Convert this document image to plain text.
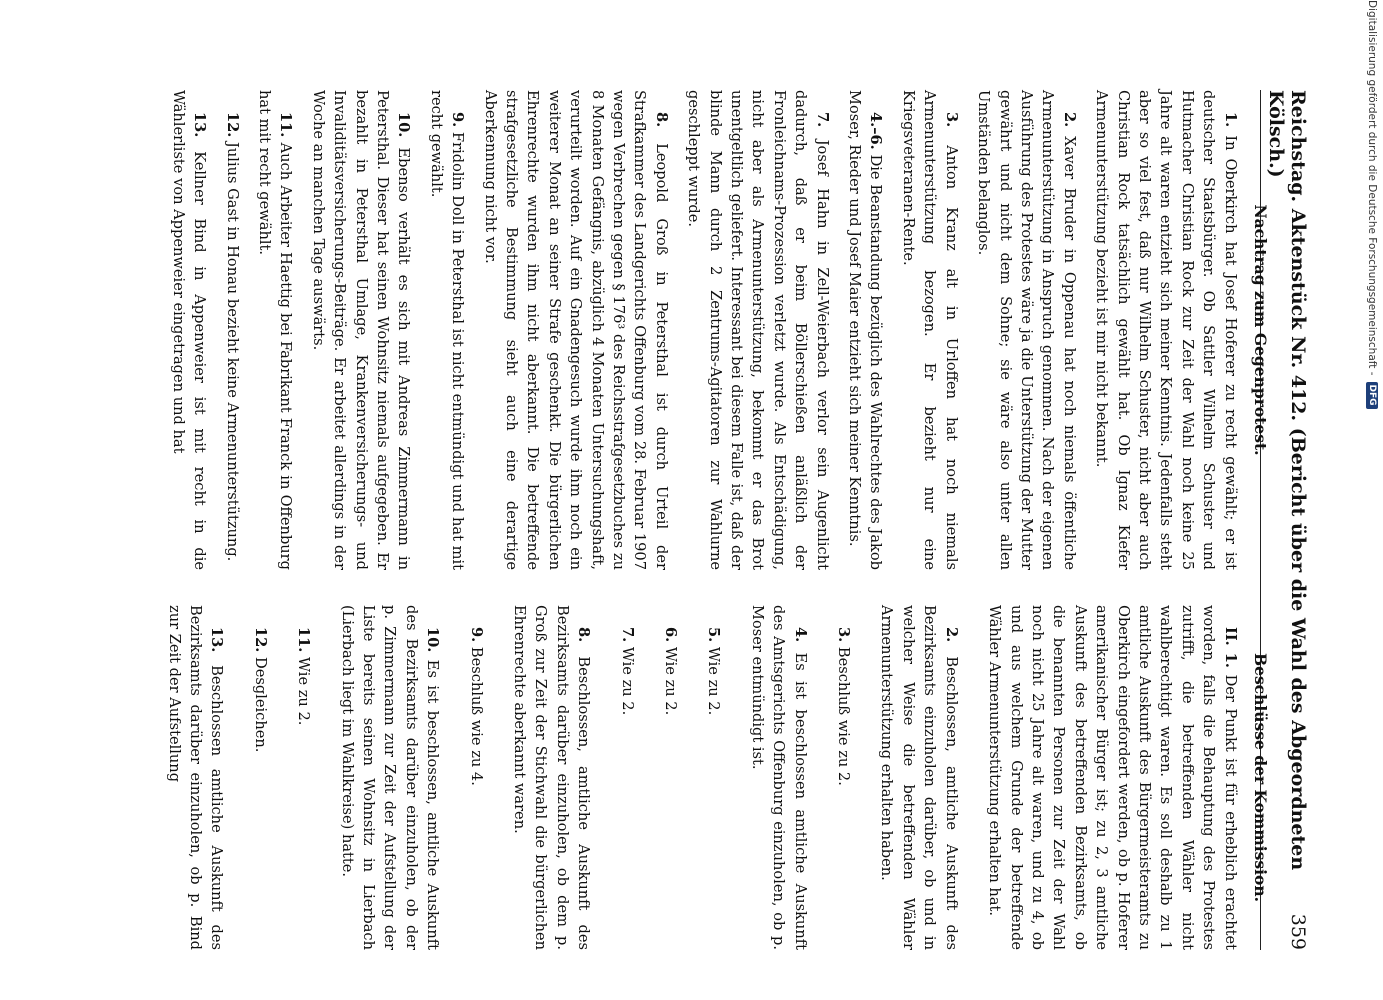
Digitalisierung gefördert durch die Deutsche Forschungsgemeinschaft -
DFG
Reichstag. Aktenstück Nr. 412. (Bericht über die Wahl des Abgeordneten Kölsch.)
359
Nachtrag zum Gegenprotest.

1. In Oberkirch hat Josef Hoferer zu recht gewählt; er ist deutscher Staatsbürger. Ob Sattler Wilhelm Schuster und Hutmacher Christian Rock zur Zeit der Wahl noch keine 25 Jahre alt waren entzieht sich meiner Kenntnis. Jedenfalls steht aber so viel fest, daß nur Wilhelm Schuster, nicht aber auch Christian Rock tatsächlich gewählt hat. Ob Ignaz Kiefer Armenunterstützung bezieht ist mir nicht bekannt.

2. Xaver Bruder in Oppenau hat noch niemals öffentliche Armenunterstützung in Anspruch genommen. Nach der eigenen Ausführung des Protestes wäre ja die Unterstützung der Mutter gewährt und nicht dem Sohne; sie wäre also unter allen Umständen belanglos.

3. Anton Kranz alt in Urloffen hat noch niemals Armenunterstützung bezogen. Er bezieht nur eine Kriegsveteranen-Rente.

4.–6. Die Beanstandung bezüglich des Wahlrechtes des Jakob Moser, Rieder und Josef Maier entzieht sich meiner Kenntnis.

7. Josef Hahn in Zell-Weierbach verlor sein Augenlicht dadurch, daß er beim Böllerschießen anläßlich der Fronleichnams-Prozession verletzt wurde. Als Entschädigung, nicht aber als Armenunterstützung, bekommt er das Brot unentgeltlich geliefert. Interessant bei diesem Falle ist, daß der blinde Mann durch 2 Zentrums-Agitatoren zur Wahlurne geschleppt wurde.

8. Leopold Groß in Petersthal ist durch Urteil der Strafkammer des Landgerichts Offenburg vom 28. Februar 1907 wegen Verbrechen gegen § 176³ des Reichsstrafgesetzbuches zu 8 Monaten Gefängnis, abzüglich 4 Monaten Untersuchungshaft, verurteilt worden. Auf ein Gnadengesuch wurde ihm noch ein weiterer Monat an seiner Strafe geschenkt. Die bürgerlichen Ehrenrechte wurden ihm nicht aberkannt. Die betreffende strafgesetzliche Bestimmung sieht auch eine derartige Aberkennung nicht vor.

9. Fridolin Doll in Petersthal ist nicht entmündigt und hat mit recht gewählt.

10. Ebenso verhält es sich mit Andreas Zimmermann in Petersthal. Dieser hat seinen Wohnsitz niemals aufgegeben. Er bezahlt in Petersthal Umlage, Krankenversicherungs- und Invaliditätsversicherungs-Beiträge. Er arbeitet allerdings in der Woche an manchen Tage auswärts.

11. Auch Arbeiter Haettig bei Fabrikant Franck in Offenburg hat mit recht gewählt.

12. Julius Gast in Honau bezieht keine Armenunterstützung.

13. Kellner Bind in Appenweier ist mit recht in die Wählerliste von Appenweier eingetragen und hat

Beschlüsse der Kommission.

II. 1. Der Punkt ist für erheblich erachtet worden, falls die Behauptung des Protestes zutrifft, die betreffenden Wähler nicht wahlberechtigt waren. Es soll deshalb zu 1 amtliche Auskunft des Bürgermeisteramts zu Oberkirch eingefordert werden, ob p. Hoferer amerikanischer Bürger ist; zu 2, 3 amtliche Auskunft des betreffenden Bezirksamts, ob die benannten Personen zur Zeit der Wahl noch nicht 25 Jahre alt waren, und zu 4, ob und aus welchem Grunde der betreffende Wähler Armenunterstützung erhalten hat.

2. Beschlossen, amtliche Auskunft des Bezirksamts einzuholen darüber, ob und in welcher Weise die betreffenden Wähler Armenunterstützung erhalten haben.

3. Beschluß wie zu 2.

4. Es ist beschlossen amtliche Auskunft des Amtsgerichts Offenburg einzuholen, ob p. Moser entmündigt ist.

5. Wie zu 2.

6. Wie zu 2.

7. Wie zu 2.

8. Beschlossen, amtliche Auskunft des Bezirksamts darüber einzuholen, ob dem p. Groß zur Zeit der Stichwahl die bürgerlichen Ehrenrechte aberkannt waren.

9. Beschluß wie zu 4.

10. Es ist beschlossen, amtliche Auskunft des Bezirksamts darüber einzuholen, ob der p. Zimmermann zur Zeit der Aufstellung der Liste bereits seinen Wohnsitz in Lierbach (Lierbach liegt im Wahlkreise) hatte.

11. Wie zu 2.

12. Desgleichen.

13. Beschlossen amtliche Auskunft des Bezirksamts darüber einzuholen, ob p. Bind zur Zeit der Aufstellung
